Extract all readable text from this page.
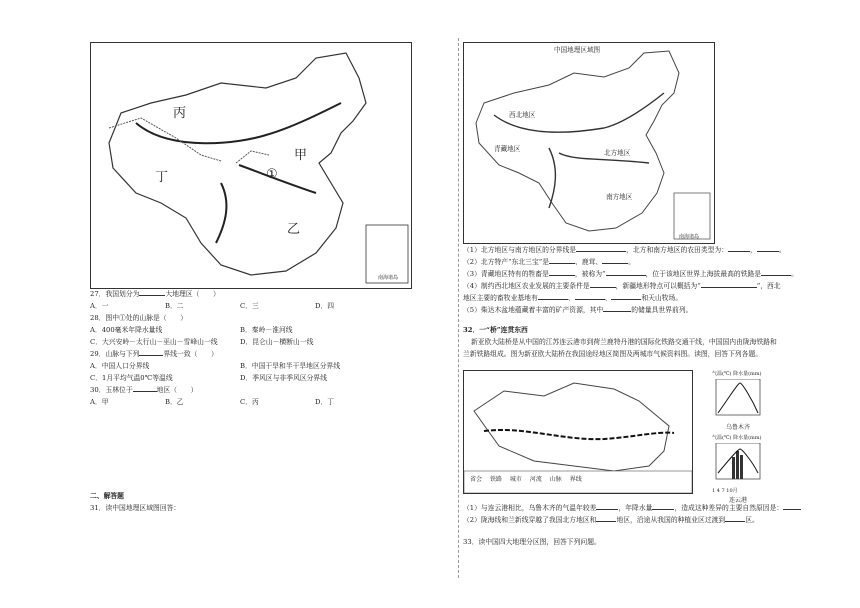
丙
甲
丁
乙
①
南海诸岛
27．我国划分为	大地理区（　　）
A．一	B．二	C．三	D．四
28．图中①处的山脉是（　　）
A．400毫米年降水量线	B．秦岭－淮河线
C．大兴安岭－太行山－巫山－雪峰山一线	D．昆仑山－横断山一线
29．山脉与下列	界线一致（　　）
A．中国人口分界线	B．中国干旱和半干旱地区分界线
C．1月平均气温0℃等温线	D．季风区与非季风区分界线
30．玉林位于	地区（　　）
A．甲	B．乙	C．丙	D．丁
二、解答题
31．读中国地理区域图回答：
中国地理区域图
西北地区
青藏地区	北方地区
南方地区
南海诸岛
（1）北方地区与南方地区的分界线是	，北方和南方地区的农田类型为：	，	。
（2）北方特产“东北三宝”是	、鹿茸、	。
（3）青藏地区特有的牲畜是	，被称为“	，位于该地区世界上海拔最高的铁路是	。
（4）制约西北地区农业发展的主要条件是	，新疆地形特点可以概括为“	”，西北
地区主要的畜牧业基地有	、	、	和天山牧场。
（5）柴达木盆地蕴藏着丰富的矿产资源，其中	的储量具世界前列。
32．一“桥”连贯东西
新亚欧大陆桥是从中国的江苏连云港市到荷兰鹿特丹港的国际化铁路交通干线，中国国内由陇海铁路和
兰新铁路组成。图为新亚欧大陆桥在我国途经地区简图及两城市气候资料图。读图，回答下列各题。
省会　 铁路　 城市　 河流　 山脉　 界线
气温(℃) 降水量(mm)
乌鲁木齐
气温(℃) 降水量(mm)
1 4 7 10月
连云港
（1）与连云港相比，乌鲁木齐的气温年较差	，年降水量	，造成这种差异的主要自然原因是：
（2）陇海线和兰新线穿越了我国北方地区和	地区，沿途从我国的种植业区过渡到	区。
33．读中国四大地理分区图，回答下列问题。
